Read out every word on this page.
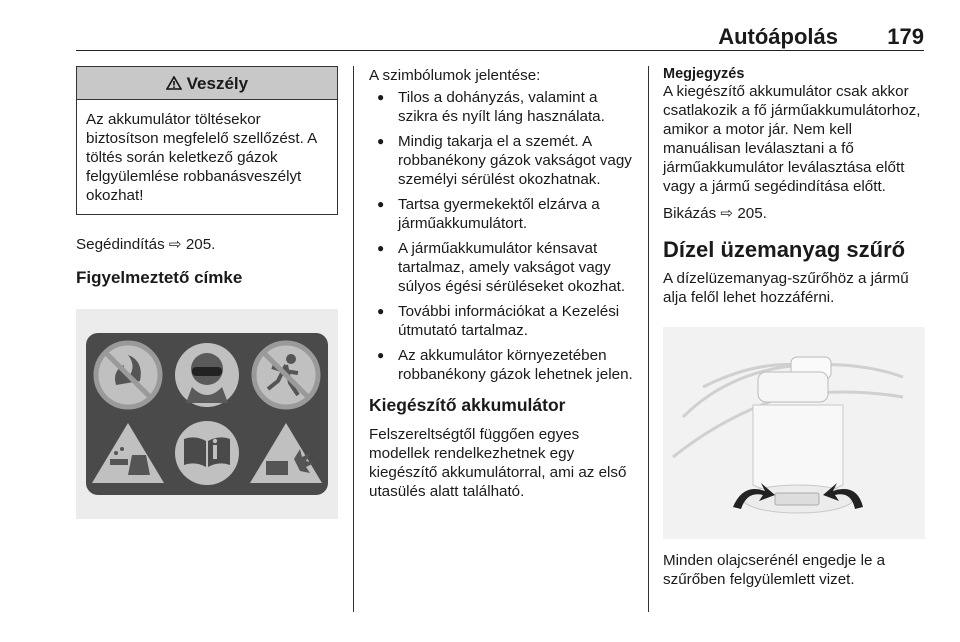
Autóápolás 179
Veszély
Az akkumulátor töltésekor biztosítson megfelelő szellőzést. A töltés során keletkező gázok felgyülemlése robbanásveszélyt okozhat!

Segédindítás ⇨ 205.

Figyelmeztető címke

A szimbólumok jelentése:

● Tilos a dohányzás, valamint a szikra és nyílt láng használata.
● Mindig takarja el a szemét. A robbanékony gázok vakságot vagy személyi sérülést okozhatnak.
● Tartsa gyermekektől elzárva a járműakkumulátort.
● A járműakkumulátor kénsavat tartalmaz, amely vakságot vagy súlyos égési sérüléseket okozhat.
● További információkat a Kezelési útmutató tartalmaz.
● Az akkumulátor környezetében robbanékony gázok lehetnek jelen.

Kiegészítő akkumulátor

Felszereltségtől függően egyes modellek rendelkezhetnek egy kiegészítő akkumulátorral, ami az első utasülés alatt található.

Megjegyzés

A kiegészítő akkumulátor csak akkor csatlakozik a fő járműakkumulátorhoz, amikor a motor jár. Nem kell manuálisan leválasztani a fő járműakkumulátor leválasztása előtt vagy a jármű segédindítása előtt.

Bikázás ⇨ 205.

Dízel üzemanyag szűrő

A dízelüzemanyag-szűrőhöz a jármű alja felől lehet hozzáférni.

Minden olajcserénél engedje le a szűrőben felgyülemlett vizet.
